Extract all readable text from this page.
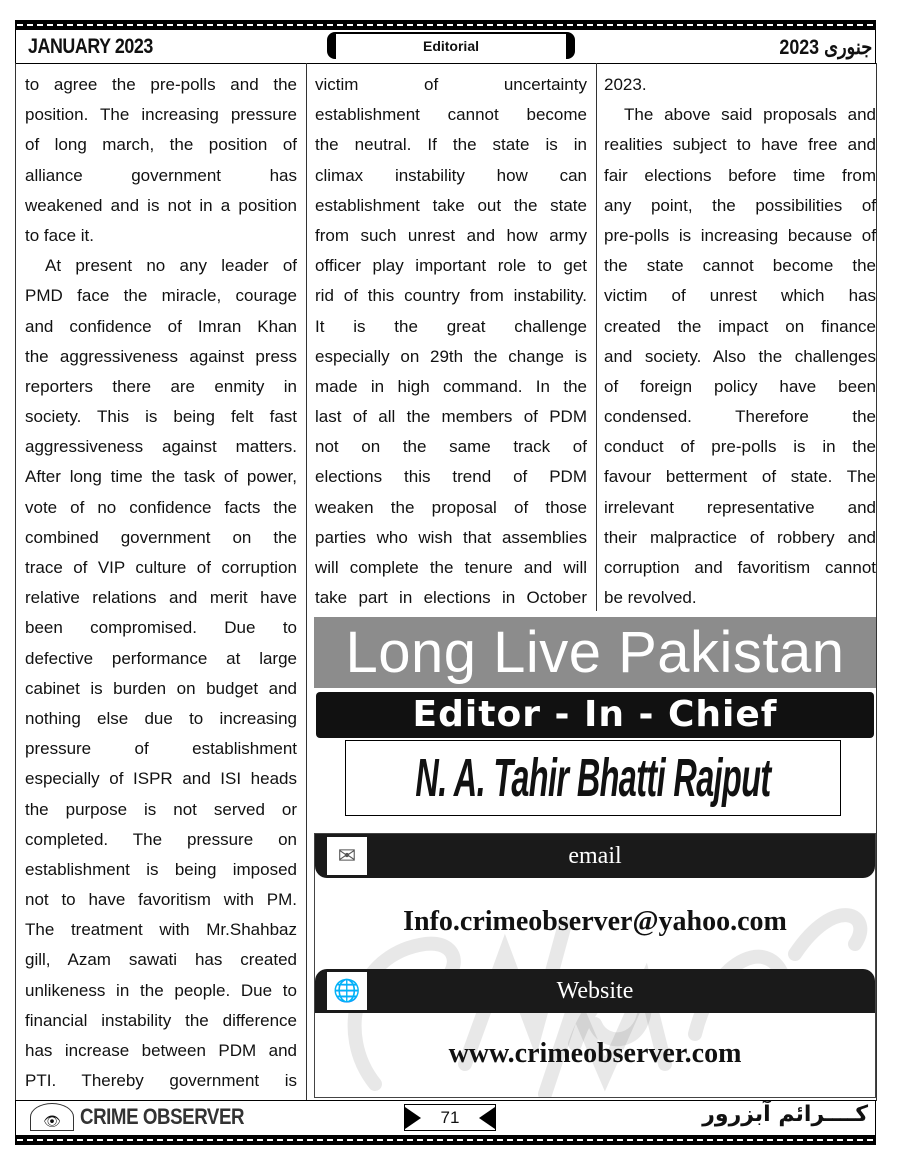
JANUARY 2023	Editorial	2023 جنوری
to agree the pre-polls and the
position. The increasing pressure
of long march, the position of
alliance government has
weakened and is not in a position
to face it.
At present no any leader of
PMD face the miracle, courage
and confidence of Imran Khan
the aggressiveness against press
reporters there are enmity in
society. This is being felt fast
aggressiveness against matters.
After long time the task of power,
vote of no confidence facts the
combined government on the
trace of VIP culture of corruption
relative relations and merit have
been compromised. Due to
defective performance at large
cabinet is burden on budget and
nothing else due to increasing
pressure of establishment
especially of ISPR and ISI heads
the purpose is not served or
completed. The pressure on
establishment is being imposed
not to have favoritism with PM.
The treatment with Mr.Shahbaz
gill, Azam sawati has created
unlikeness in the people. Due to
financial instability the difference
has increase between PDM and
PTI. Thereby government is
victim of uncertainty
establishment cannot become
the neutral. If the state is in
climax instability how can
establishment take out the state
from such unrest and how army
officer play important role to get
rid of this country from instability.
It is the great challenge
especially on 29th the change is
made in high command. In the
last of all the members of PDM
not on the same track of
elections this trend of PDM
weaken the proposal of those
parties who wish that assemblies
will complete the tenure and will
take part in elections in October
2023.
The above said proposals and
realities subject to have free and
fair elections before time from
any point, the possibilities of
pre-polls is increasing because of
the state cannot become the
victim of unrest which has
created the impact on finance
and society. Also the challenges
of foreign policy have been
condensed. Therefore the
conduct of pre-polls is in the
favour betterment of state. The
irrelevant representative and
their malpractice of robbery and
corruption and favoritism cannot
be revolved.
Long Live Pakistan
Editor - In - Chief
N. A. Tahir Bhatti Rajput
✉	email
Info.crimeobserver@yahoo.com
🌐	Website
www.crimeobserver.com
👁 CRIME OBSERVER	71	کــــرائم آبزرور
